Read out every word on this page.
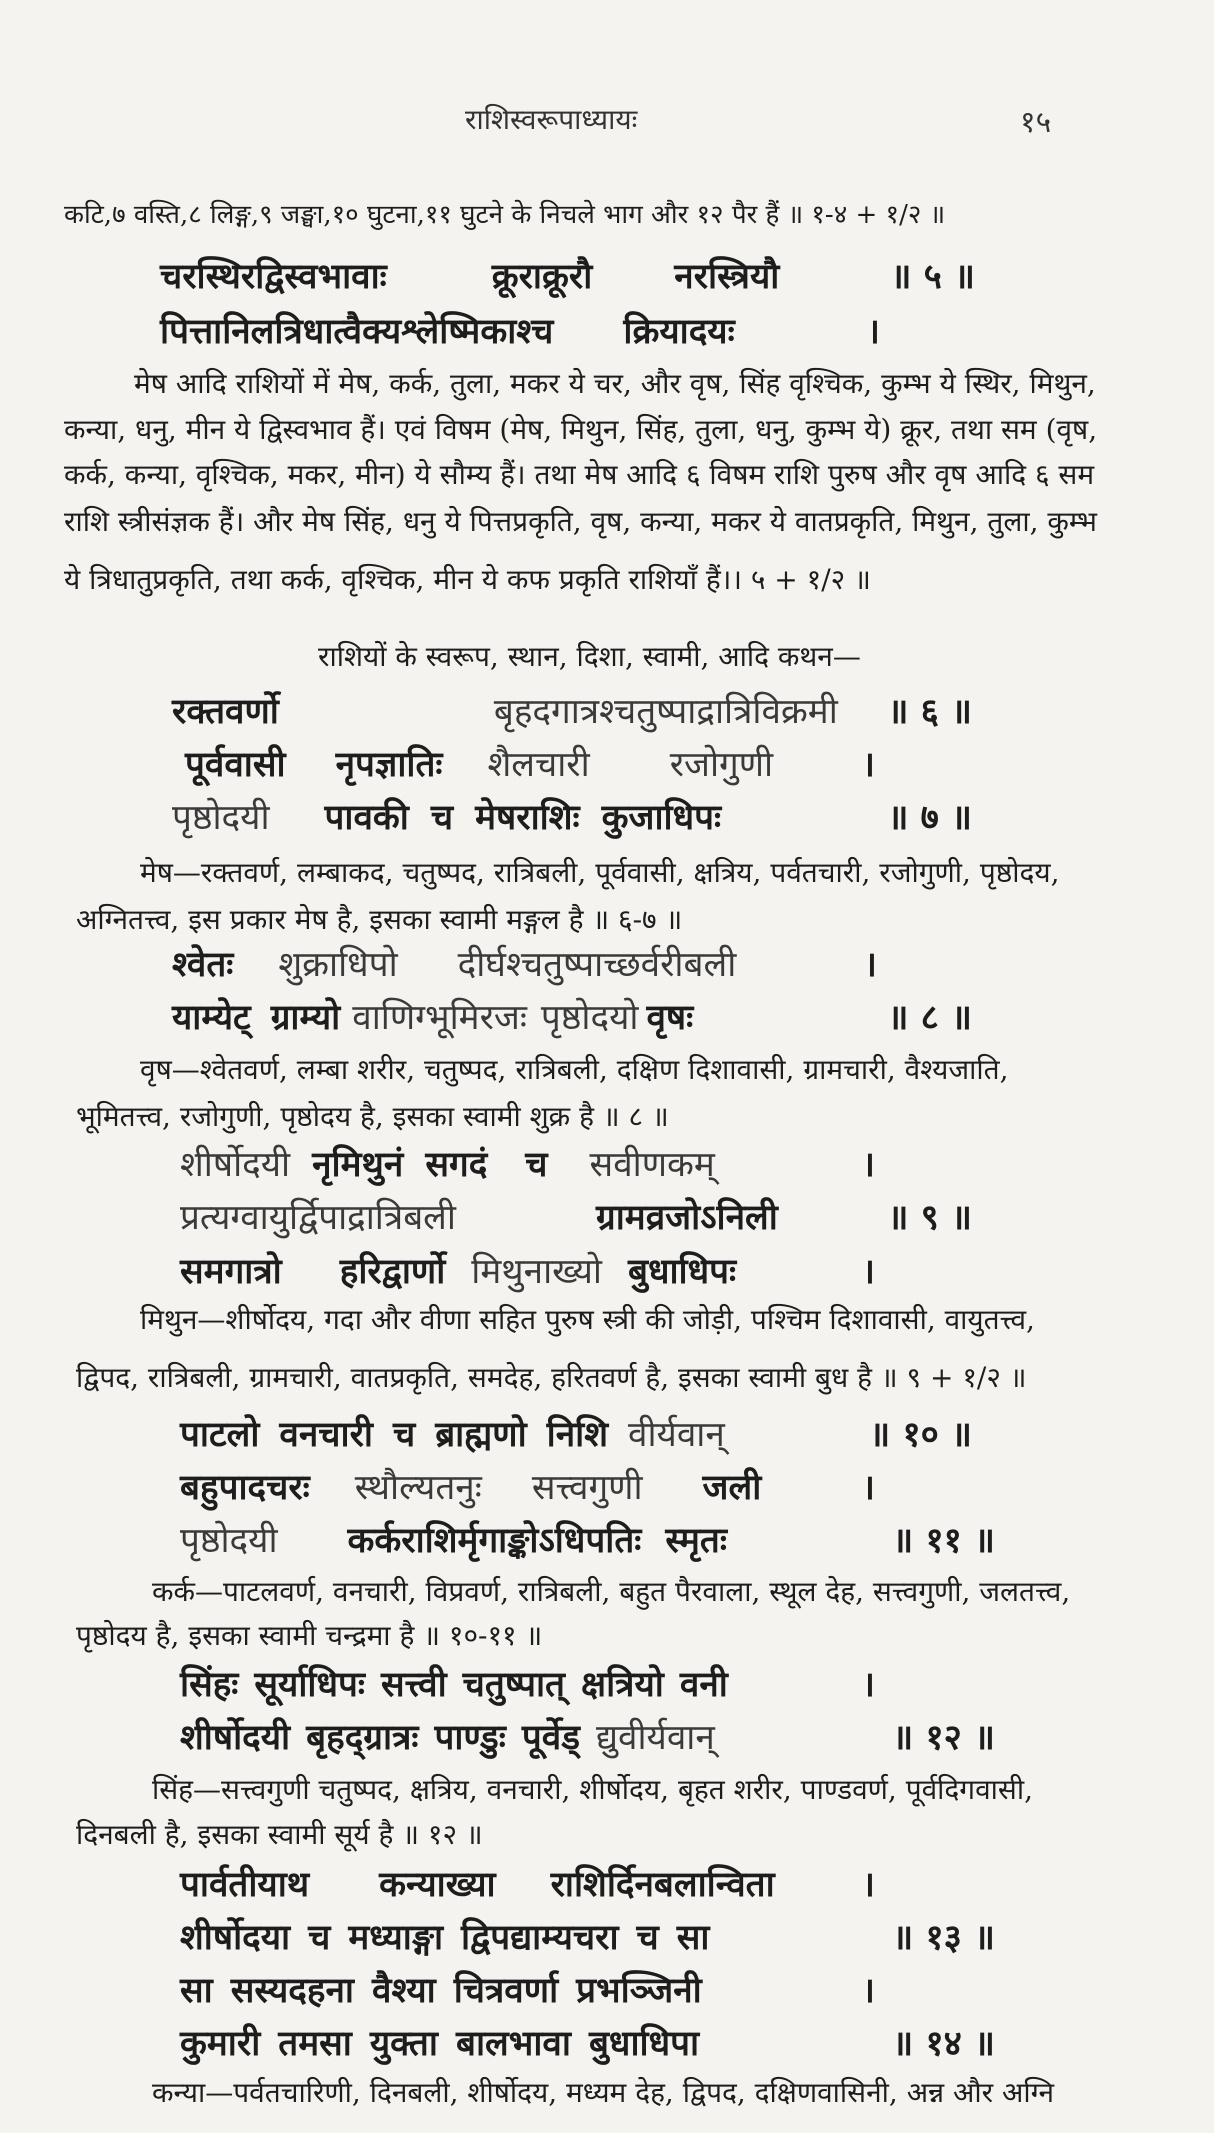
राशिस्वरूपाध्यायः	१५
कटि,७ वस्ति,८ लिङ्ग,९ जङ्घा,१० घुटना,११ घुटने के निचले भाग और १२ पैर हैं ॥ १-४ + १/२ ॥
चरस्थिरद्विस्वभावाः	क्रूराक्रूरौ नरस्त्रियौ	॥ ५ ॥
पित्तानिलत्रिधात्वैक्यश्लेष्मिकाश्च क्रियादयः	।
मेष आदि राशियों में मेष, कर्क, तुला, मकर ये चर, और वृष, सिंह वृश्चिक, कुम्भ ये स्थिर, मिथुन,
कन्या, धनु, मीन ये द्विस्वभाव हैं। एवं विषम (मेष, मिथुन, सिंह, तुला, धनु, कुम्भ ये) क्रूर, तथा सम (वृष,
कर्क, कन्या, वृश्चिक, मकर, मीन) ये सौम्य हैं। तथा मेष आदि ६ विषम राशि पुरुष और वृष आदि ६ सम
राशि स्त्रीसंज्ञक हैं। और मेष सिंह, धनु ये पित्तप्रकृति, वृष, कन्या, मकर ये वातप्रकृति, मिथुन, तुला, कुम्भ
ये त्रिधातुप्रकृति, तथा कर्क, वृश्चिक, मीन ये कफ प्रकृति राशियाँ हैं।। ५ + १/२ ॥
राशियों के स्वरूप, स्थान, दिशा, स्वामी, आदि कथन—
रक्तवर्णो	बृहदगात्रश्चतुष्पाद्रात्रिविक्रमी ॥ ६ ॥
पूर्ववासी नृपज्ञातिः शैलचारी रजोगुणी	।
पृष्ठोदयी पावकी च मेषराशिः कुजाधिपः	॥ ७ ॥
मेष—रक्तवर्ण, लम्बाकद, चतुष्पद, रात्रिबली, पूर्ववासी, क्षत्रिय, पर्वतचारी, रजोगुणी, पृष्ठोदय,
अग्नितत्त्व, इस प्रकार मेष है, इसका स्वामी मङ्गल है ॥ ६-७ ॥
श्वेतः शुक्राधिपो दीर्घश्चतुष्पाच्छर्वरीबली	।
याम्येट् ग्राम्यो वाणिग्भूमिरजः पृष्ठोदयो वृषः	॥ ८ ॥
वृष—श्वेतवर्ण, लम्बा शरीर, चतुष्पद, रात्रिबली, दक्षिण दिशावासी, ग्रामचारी, वैश्यजाति,
भूमितत्त्व, रजोगुणी, पृष्ठोदय है, इसका स्वामी शुक्र है ॥ ८ ॥
शीर्षोदयी नृमिथुनं सगदं च सवीणकम्	।
प्रत्यग्वायुर्द्विपाद्रात्रिबली	ग्रामव्रजोऽनिली	॥ ९ ॥
समगात्रो हरिद्वार्णो मिथुनाख्यो बुधाधिपः	।
मिथुन—शीर्षोदय, गदा और वीणा सहित पुरुष स्त्री की जोड़ी, पश्चिम दिशावासी, वायुतत्त्व,
द्विपद, रात्रिबली, ग्रामचारी, वातप्रकृति, समदेह, हरितवर्ण है, इसका स्वामी बुध है ॥ ९ + १/२ ॥
पाटलो वनचारी च ब्राह्मणो निशि वीर्यवान्	॥ १० ॥
बहुपादचरः स्थौल्यतनुः सत्त्वगुणी जली	।
पृष्ठोदयी कर्कराशिर्मृगाङ्कोऽधिपतिः स्मृतः	॥ ११ ॥
कर्क—पाटलवर्ण, वनचारी, विप्रवर्ण, रात्रिबली, बहुत पैरवाला, स्थूल देह, सत्त्वगुणी, जलतत्त्व,
पृष्ठोदय है, इसका स्वामी चन्द्रमा है ॥ १०-११ ॥
सिंहः सूर्याधिपः सत्त्वी चतुष्पात् क्षत्रियो वनी	।
शीर्षोदयी बृहद्ग्रात्रः पाण्डुः पूर्वेड् द्युवीर्यवान्	॥ १२ ॥
सिंह—सत्त्वगुणी चतुष्पद, क्षत्रिय, वनचारी, शीर्षोदय, बृहत शरीर, पाण्डवर्ण, पूर्वदिगवासी,
दिनबली है, इसका स्वामी सूर्य है ॥ १२ ॥
पार्वतीयाथ कन्याख्या राशिर्दिनबलान्विता ।
शीर्षोदया च मध्याङ्गा द्विपद्याम्यचरा च सा	॥ १३ ॥
सा सस्यदहना वैश्या चित्रवर्णा प्रभञ्जिनी	।
कुमारी तमसा युक्ता बालभावा बुधाधिपा	॥ १४ ॥
कन्या—पर्वतचारिणी, दिनबली, शीर्षोदय, मध्यम देह, द्विपद, दक्षिणवासिनी, अन्न और अग्नि
